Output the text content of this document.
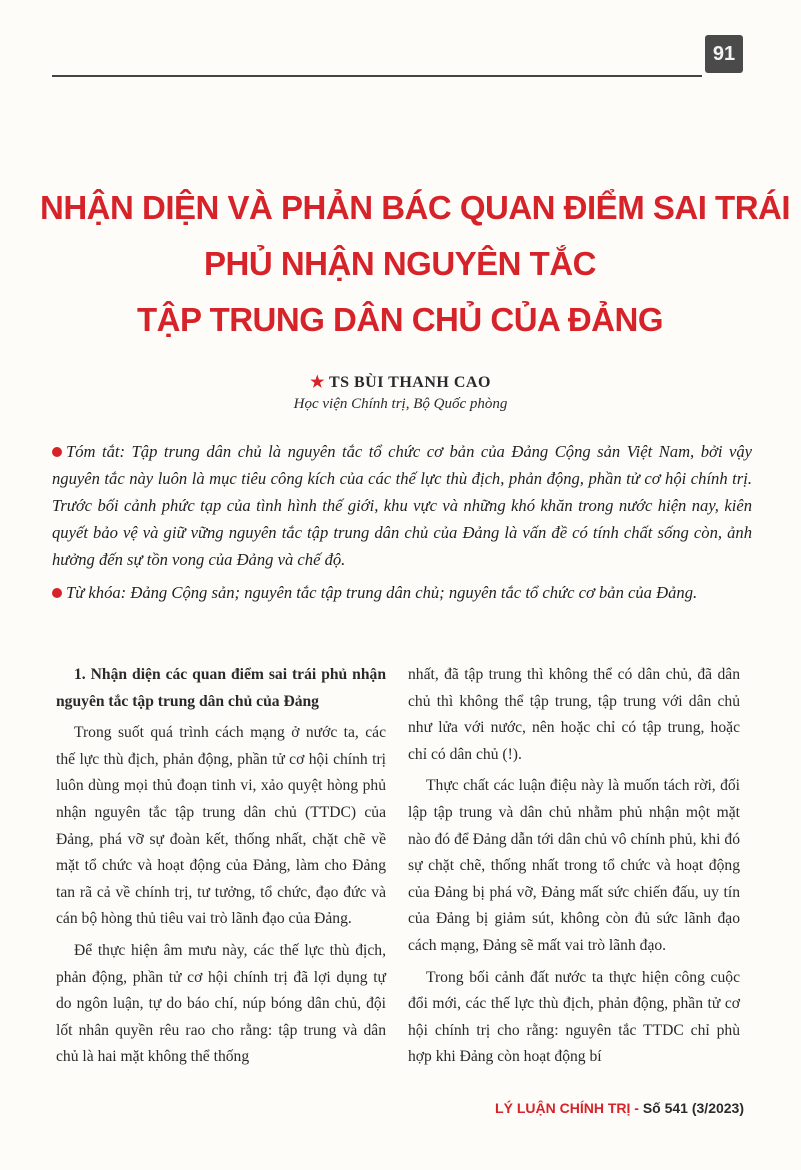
91
NHẬN DIỆN VÀ PHẢN BÁC QUAN ĐIỂM SAI TRÁI
PHỦ NHẬN NGUYÊN TẮC
TẬP TRUNG DÂN CHỦ CỦA ĐẢNG
★ TS BÙI THANH CAO
Học viện Chính trị, Bộ Quốc phòng

Tóm tắt: Tập trung dân chủ là nguyên tắc tổ chức cơ bản của Đảng Cộng sản Việt Nam, bởi vậy nguyên tắc này luôn là mục tiêu công kích của các thế lực thù địch, phản động, phần tử cơ hội chính trị. Trước bối cảnh phức tạp của tình hình thế giới, khu vực và những khó khăn trong nước hiện nay, kiên quyết bảo vệ và giữ vững nguyên tắc tập trung dân chủ của Đảng là vấn đề có tính chất sống còn, ảnh hưởng đến sự tồn vong của Đảng và chế độ.

Từ khóa: Đảng Cộng sản; nguyên tắc tập trung dân chủ; nguyên tắc tổ chức cơ bản của Đảng.

1. Nhận diện các quan điểm sai trái phủ nhận nguyên tắc tập trung dân chủ của Đảng

Trong suốt quá trình cách mạng ở nước ta, các thế lực thù địch, phản động, phần tử cơ hội chính trị luôn dùng mọi thủ đoạn tinh vi, xảo quyệt hòng phủ nhận nguyên tắc tập trung dân chủ (TTDC) của Đảng, phá vỡ sự đoàn kết, thống nhất, chặt chẽ về mặt tổ chức và hoạt động của Đảng, làm cho Đảng tan rã cả về chính trị, tư tưởng, tổ chức, đạo đức và cán bộ hòng thủ tiêu vai trò lãnh đạo của Đảng.

Để thực hiện âm mưu này, các thế lực thù địch, phản động, phần tử cơ hội chính trị đã lợi dụng tự do ngôn luận, tự do báo chí, núp bóng dân chủ, đội lốt nhân quyền rêu rao cho rằng: tập trung và dân chủ là hai mặt không thể thống

nhất, đã tập trung thì không thể có dân chủ, đã dân chủ thì không thể tập trung, tập trung với dân chủ như lửa với nước, nên hoặc chỉ có tập trung, hoặc chỉ có dân chủ (!).

Thực chất các luận điệu này là muốn tách rời, đối lập tập trung và dân chủ nhằm phủ nhận một mặt nào đó để Đảng dẫn tới dân chủ vô chính phủ, khi đó sự chặt chẽ, thống nhất trong tổ chức và hoạt động của Đảng bị phá vỡ, Đảng mất sức chiến đấu, uy tín của Đảng bị giảm sút, không còn đủ sức lãnh đạo cách mạng, Đảng sẽ mất vai trò lãnh đạo.

Trong bối cảnh đất nước ta thực hiện công cuộc đổi mới, các thế lực thù địch, phản động, phần tử cơ hội chính trị cho rằng: nguyên tắc TTDC chỉ phù hợp khi Đảng còn hoạt động bí

LÝ LUẬN CHÍNH TRỊ - Số 541 (3/2023)
